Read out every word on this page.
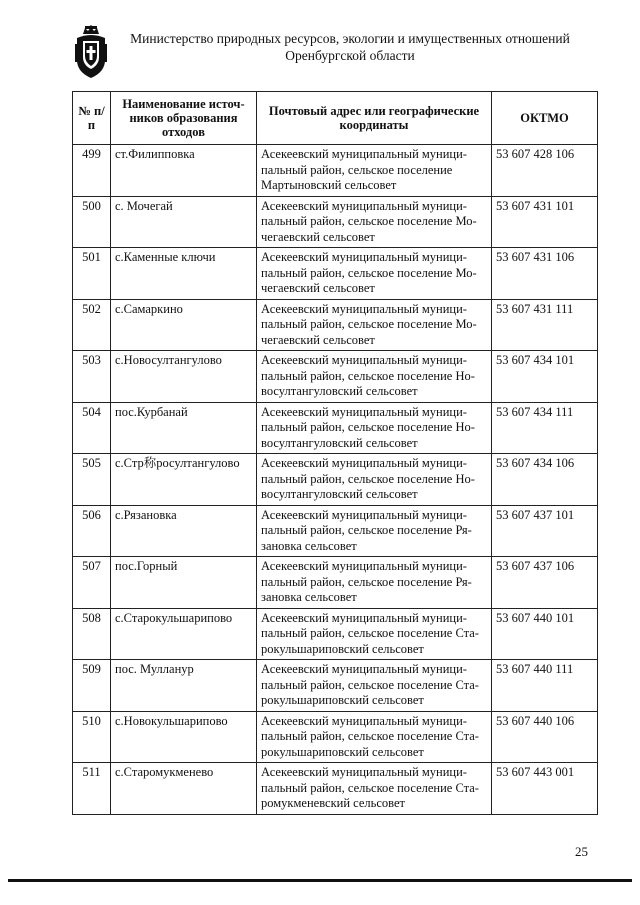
Министерство природных ресурсов, экологии и имущественных отношений
Оренбургской области
№ п/п	Наименование источ-ников образования отходов	Почтовый адрес или географические координаты	ОКТМО
499	ст.Филипповка	Асекеевский муниципальный муници-пальный район, сельское поселение Мартыновский сельсовет	53 607 428 106
500	с. Мочегай	Асекеевский муниципальный муници-пальный район, сельское поселение Мо-чегаевский сельсовет	53 607 431 101
501	с.Каменные ключи	Асекеевский муниципальный муници-пальный район, сельское поселение Мо-чегаевский сельсовет	53 607 431 106
502	с.Самаркино	Асекеевский муниципальный муници-пальный район, сельское поселение Мо-чегаевский сельсовет	53 607 431 111
503	с.Новосултангулово	Асекеевский муниципальный муници-пальный район, сельское поселение Но-восултангуловский сельсовет	53 607 434 101
504	пос.Курбанай	Асекеевский муниципальный муници-пальный район, сельское поселение Но-восултангуловский сельсовет	53 607 434 111
505	с.Стр称росултангулово	Асекеевский муниципальный муници-пальный район, сельское поселение Но-восултангуловский сельсовет	53 607 434 106
506	с.Рязановка	Асекеевский муниципальный муници-пальный район, сельское поселение Ря-зановка сельсовет	53 607 437 101
507	пос.Горный	Асекеевский муниципальный муници-пальный район, сельское поселение Ря-зановка сельсовет	53 607 437 106
508	с.Старокульшарипово	Асекеевский муниципальный муници-пальный район, сельское поселение Ста-рокульшариповский сельсовет	53 607 440 101
509	пос. Мулланур	Асекеевский муниципальный муници-пальный район, сельское поселение Ста-рокульшариповский сельсовет	53 607 440 111
510	с.Новокульшарипово	Асекеевский муниципальный муници-пальный район, сельское поселение Ста-рокульшариповский сельсовет	53 607 440 106
511	с.Старомукменево	Асекеевский муниципальный муници-пальный район, сельское поселение Ста-ромукменевский сельсовет	53 607 443 001
25
